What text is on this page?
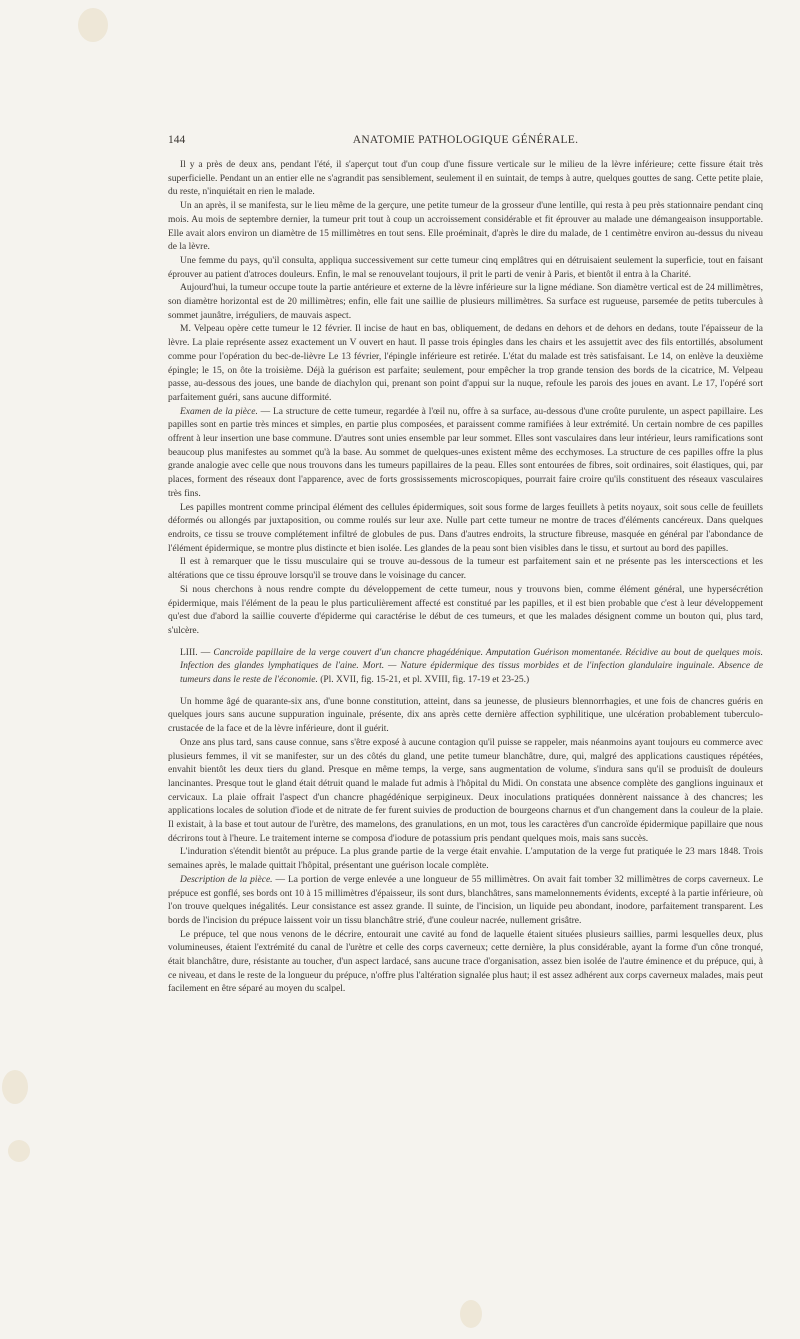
144	ANATOMIE PATHOLOGIQUE GÉNÉRALE.

Il y a près de deux ans, pendant l'été, il s'aperçut tout d'un coup d'une fissure verticale sur le milieu de la lèvre inférieure; cette fissure était très superficielle. Pendant un an entier elle ne s'agrandit pas sensiblement, seulement il en suintait, de temps à autre, quelques gouttes de sang. Cette petite plaie, du reste, n'inquiétait en rien le malade.

Un an après, il se manifesta, sur le lieu même de la gerçure, une petite tumeur de la grosseur d'une lentille, qui resta à peu près stationnaire pendant cinq mois. Au mois de septembre dernier, la tumeur prit tout à coup un accroissement considérable et fit éprouver au malade une démangeaison insupportable. Elle avait alors environ un diamètre de 15 millimètres en tout sens. Elle proéminait, d'après le dire du malade, de 1 centimètre environ au-dessus du niveau de la lèvre.

Une femme du pays, qu'il consulta, appliqua successivement sur cette tumeur cinq emplâtres qui en détruisaient seulement la superficie, tout en faisant éprouver au patient d'atroces douleurs. Enfin, le mal se renouvelant toujours, il prit le parti de venir à Paris, et bientôt il entra à la Charité.

Aujourd'hui, la tumeur occupe toute la partie antérieure et externe de la lèvre inférieure sur la ligne médiane. Son diamètre vertical est de 24 millimètres, son diamètre horizontal est de 20 millimètres; enfin, elle fait une saillie de plusieurs millimètres. Sa surface est rugueuse, parsemée de petits tubercules à sommet jaunâtre, irréguliers, de mauvais aspect.

M. Velpeau opère cette tumeur le 12 février. Il incise de haut en bas, obliquement, de dedans en dehors et de dehors en dedans, toute l'épaisseur de la lèvre. La plaie représente assez exactement un V ouvert en haut. Il passe trois épingles dans les chairs et les assujettit avec des fils entortillés, absolument comme pour l'opération du bec-de-lièvre Le 13 février, l'épingle inférieure est retirée. L'état du malade est très satisfaisant. Le 14, on enlève la deuxième épingle; le 15, on ôte la troisième. Déjà la guérison est parfaite; seulement, pour empêcher la trop grande tension des bords de la cicatrice, M. Velpeau passe, au-dessous des joues, une bande de diachylon qui, prenant son point d'appui sur la nuque, refoule les parois des joues en avant. Le 17, l'opéré sort parfaitement guéri, sans aucune difformité.

Examen de la pièce. — La structure de cette tumeur, regardée à l'œil nu, offre à sa surface, au-dessous d'une croûte purulente, un aspect papillaire. Les papilles sont en partie très minces et simples, en partie plus composées, et paraissent comme ramifiées à leur extrémité. Un certain nombre de ces papilles offrent à leur insertion une base commune. D'autres sont unies ensemble par leur sommet. Elles sont vasculaires dans leur intérieur, leurs ramifications sont beaucoup plus manifestes au sommet qu'à la base. Au sommet de quelques-unes existent même des ecchymoses. La structure de ces papilles offre la plus grande analogie avec celle que nous trouvons dans les tumeurs papillaires de la peau. Elles sont entourées de fibres, soit ordinaires, soit élastiques, qui, par places, forment des réseaux dont l'apparence, avec de forts grossissements microscopiques, pourrait faire croire qu'ils constituent des réseaux vasculaires très fins.

Les papilles montrent comme principal élément des cellules épidermiques, soit sous forme de larges feuillets à petits noyaux, soit sous celle de feuillets déformés ou allongés par juxtaposition, ou comme roulés sur leur axe. Nulle part cette tumeur ne montre de traces d'éléments cancéreux. Dans quelques endroits, ce tissu se trouve complétement infiltré de globules de pus. Dans d'autres endroits, la structure fibreuse, masquée en général par l'abondance de l'élément épidermique, se montre plus distincte et bien isolée. Les glandes de la peau sont bien visibles dans le tissu, et surtout au bord des papilles.

Il est à remarquer que le tissu musculaire qui se trouve au-dessous de la tumeur est parfaitement sain et ne présente pas les interscections et les altérations que ce tissu éprouve lorsqu'il se trouve dans le voisinage du cancer.

Si nous cherchons à nous rendre compte du développement de cette tumeur, nous y trouvons bien, comme élément général, une hypersécrétion épidermique, mais l'élément de la peau le plus particulièrement affecté est constitué par les papilles, et il est bien probable que c'est à leur développement qu'est due d'abord la saillie couverte d'épiderme qui caractérise le début de ces tumeurs, et que les malades désignent comme un bouton qui, plus tard, s'ulcère.

LIII. — Cancroïde papillaire de la verge couvert d'un chancre phagédénique. Amputation Guérison momentanée. Récidive au bout de quelques mois. Infection des glandes lymphatiques de l'aine. Mort. — Nature épidermique des tissus morbides et de l'infection glandulaire inguinale. Absence de tumeurs dans le reste de l'économie. (Pl. XVII, fig. 15-21, et pl. XVIII, fig. 17-19 et 23-25.)

Un homme âgé de quarante-six ans, d'une bonne constitution, atteint, dans sa jeunesse, de plusieurs blennorrhagies, et une fois de chancres guéris en quelques jours sans aucune suppuration inguinale, présente, dix ans après cette dernière affection syphilitique, une ulcération probablement tuberculo-crustacée de la face et de la lèvre inférieure, dont il guérit.

Onze ans plus tard, sans cause connue, sans s'être exposé à aucune contagion qu'il puisse se rappeler, mais néanmoins ayant toujours eu commerce avec plusieurs femmes, il vit se manifester, sur un des côtés du gland, une petite tumeur blanchâtre, dure, qui, malgré des applications caustiques répétées, envahit bientôt les deux tiers du gland. Presque en même temps, la verge, sans augmentation de volume, s'indura sans qu'il se produisît de douleurs lancinantes. Presque tout le gland était détruit quand le malade fut admis à l'hôpital du Midi. On constata une absence complète des ganglions inguinaux et cervicaux. La plaie offrait l'aspect d'un chancre phagédénique serpigineux. Deux inoculations pratiquées donnèrent naissance à des chancres; les applications locales de solution d'iode et de nitrate de fer furent suivies de production de bourgeons charnus et d'un changement dans la couleur de la plaie. Il existait, à la base et tout autour de l'urètre, des mamelons, des granulations, en un mot, tous les caractères d'un cancroïde épidermique papillaire que nous décrirons tout à l'heure. Le traitement interne se composa d'iodure de potassium pris pendant quelques mois, mais sans succès.

L'induration s'étendit bientôt au prépuce. La plus grande partie de la verge était envahie. L'amputation de la verge fut pratiquée le 23 mars 1848. Trois semaines après, le malade quittait l'hôpital, présentant une guérison locale complète.

Description de la pièce. — La portion de verge enlevée a une longueur de 55 millimètres. On avait fait tomber 32 millimètres de corps caverneux. Le prépuce est gonflé, ses bords ont 10 à 15 millimètres d'épaisseur, ils sont durs, blanchâtres, sans mamelonnements évidents, excepté à la partie inférieure, où l'on trouve quelques inégalités. Leur consistance est assez grande. Il suinte, de l'incision, un liquide peu abondant, inodore, parfaitement transparent. Les bords de l'incision du prépuce laissent voir un tissu blanchâtre strié, d'une couleur nacrée, nullement grisâtre.

Le prépuce, tel que nous venons de le décrire, entourait une cavité au fond de laquelle étaient situées plusieurs saillies, parmi lesquelles deux, plus volumineuses, étaient l'extrémité du canal de l'urètre et celle des corps caverneux; cette dernière, la plus considérable, ayant la forme d'un cône tronqué, était blanchâtre, dure, résistante au toucher, d'un aspect lardacé, sans aucune trace d'organisation, assez bien isolée de l'autre éminence et du prépuce, qui, à ce niveau, et dans le reste de la longueur du prépuce, n'offre plus l'altération signalée plus haut; il est assez adhérent aux corps caverneux malades, mais peut facilement en être séparé au moyen du scalpel.
